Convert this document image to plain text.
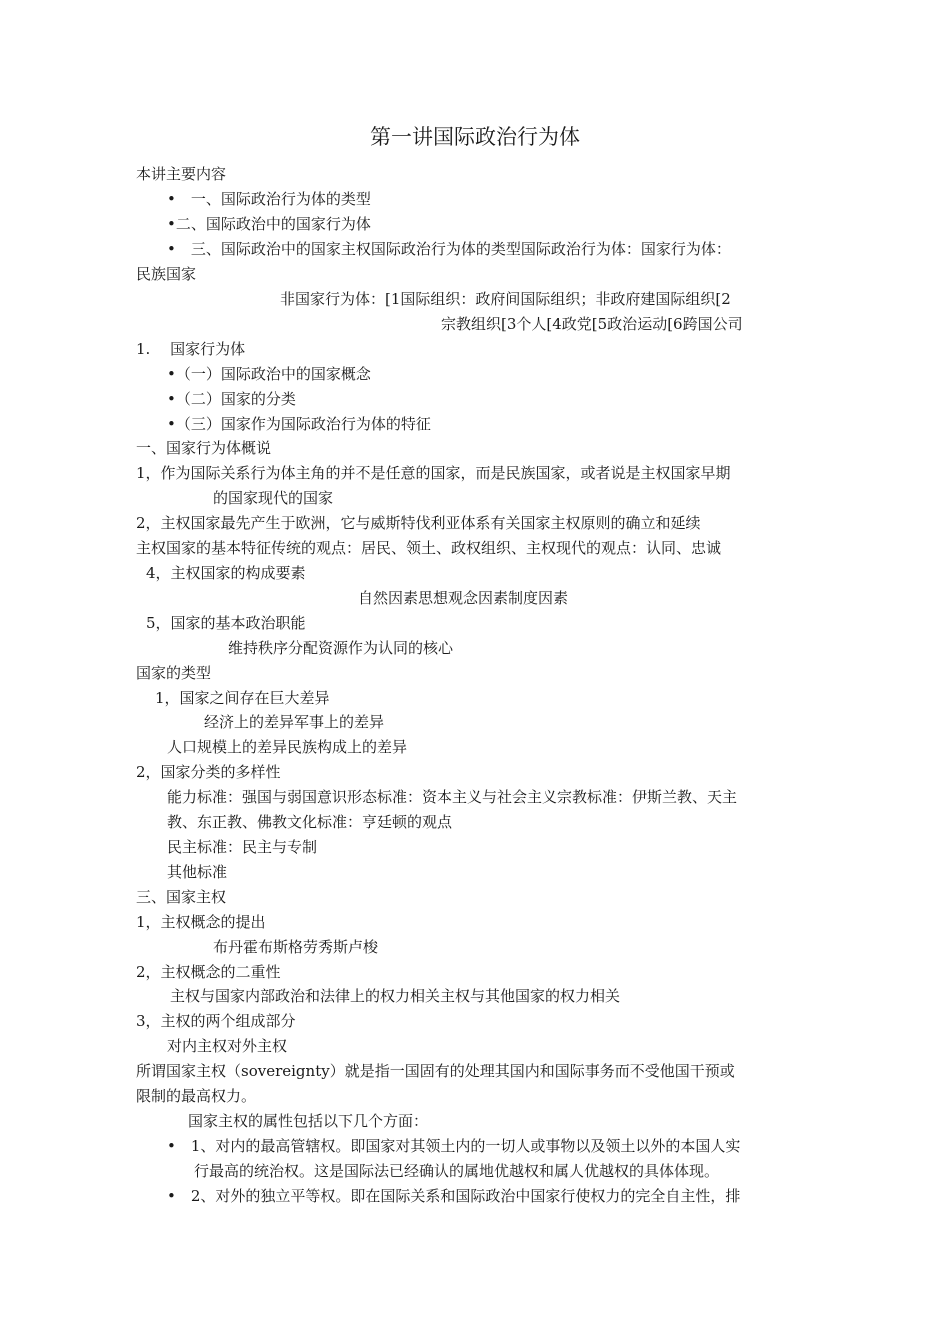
第一讲国际政治行为体
本讲主要内容
•　一、国际政治行为体的类型
•二、国际政治中的国家行为体
•　三、国际政治中的国家主权国际政治行为体的类型国际政治行为体：国家行为体：
民族国家
非国家行为体：[1国际组织：政府间国际组织；非政府建国际组织[2
宗教组织[3个人[4政党[5政治运动[6跨国公司
1.　 国家行为体
•（一）国际政治中的国家概念
•（二）国家的分类
•（三）国家作为国际政治行为体的特征
一、国家行为体概说
1，作为国际关系行为体主角的并不是任意的国家，而是民族国家，或者说是主权国家早期
的国家现代的国家
2，主权国家最先产生于欧洲，它与威斯特伐利亚体系有关国家主权原则的确立和延续
主权国家的基本特征传统的观点：居民、领土、政权组织、主权现代的观点：认同、忠诚
4，主权国家的构成要素
自然因素思想观念因素制度因素
5，国家的基本政治职能
维持秩序分配资源作为认同的核心
国家的类型
1，国家之间存在巨大差异
经济上的差异军事上的差异
人口规模上的差异民族构成上的差异
2，国家分类的多样性
能力标准：强国与弱国意识形态标准：资本主义与社会主义宗教标准：伊斯兰教、天主
教、东正教、佛教文化标准：亨廷顿的观点
民主标准：民主与专制
其他标准
三、国家主权
1，主权概念的提出
布丹霍布斯格劳秀斯卢梭
2，主权概念的二重性
主权与国家内部政治和法律上的权力相关主权与其他国家的权力相关
3，主权的两个组成部分
对内主权对外主权
所谓国家主权（sovereignty）就是指一国固有的处理其国内和国际事务而不受他国干预或
限制的最高权力。
国家主权的属性包括以下几个方面：
•　1、对内的最高管辖权。即国家对其领土内的一切人或事物以及领土以外的本国人实
行最高的统治权。这是国际法已经确认的属地优越权和属人优越权的具体体现。
•　2、对外的独立平等权。即在国际关系和国际政治中国家行使权力的完全自主性，排
